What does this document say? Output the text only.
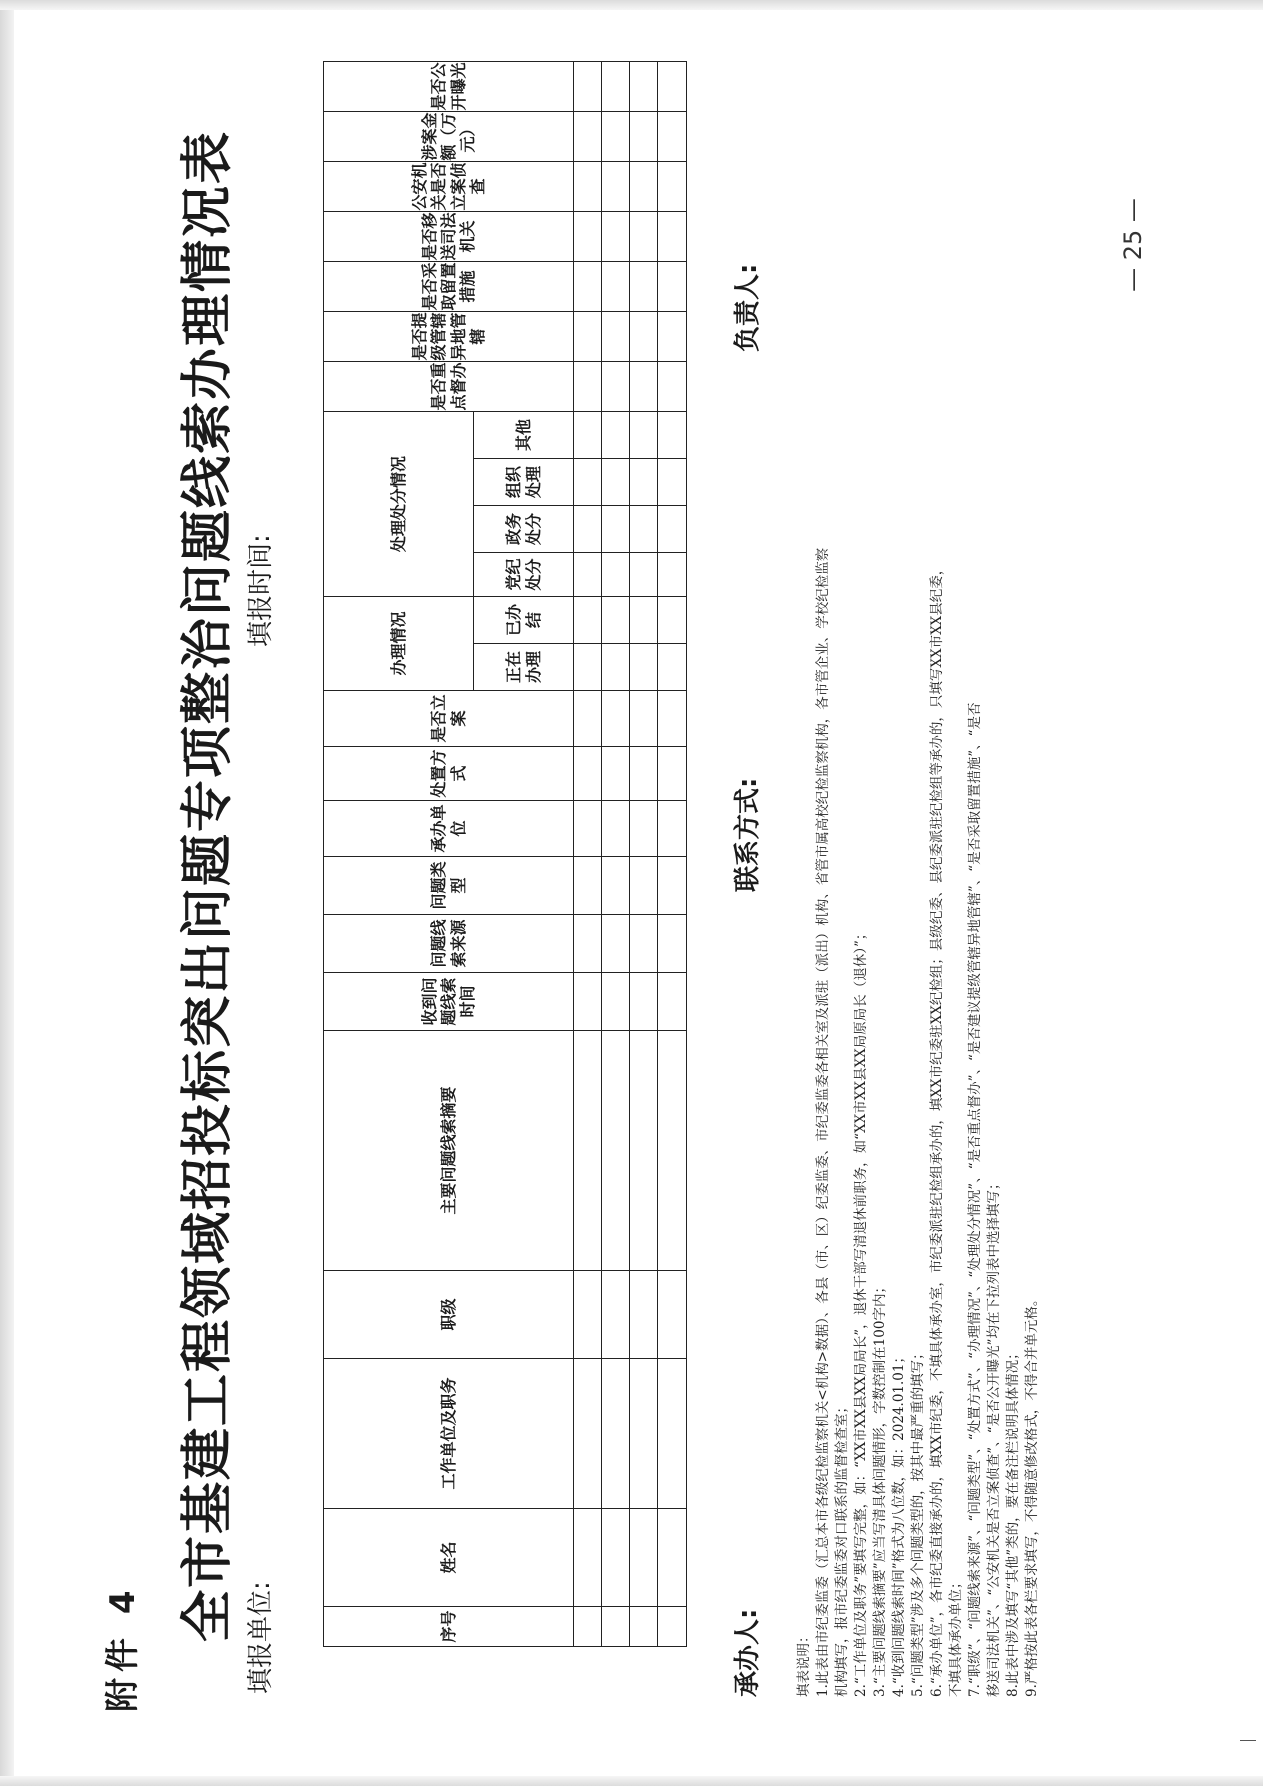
— 25 —
附件 4
全市基建工程领域招投标突出问题专项整治问题线索办理情况表 填报单位:
填报时间:
序号	姓名	工作单位及职务	职级	主要问题线索摘要	收到问题线索时间	问题线索来源	问题类型	承办单位	处置方式	是否立案	办理情况		处理处分情况				是否重点督办	是否提级管辖异地管辖	是否采取留置措施	是否移送司法机关	公安机关是否立案侦查	涉案金额（万元）	是否公开曝光	
											正在办理	已办结	党纪处分	政务处分	组织处理	其他								

承办人:
联系方式:
负责人:
填表说明： 1.此表由市纪委监委（汇总本市各级纪检监察机关<机构>数据）、各县（市、区）纪委监委、市纪委监委各相关室及派驻（派出）机构、省管市属高校纪检监察机构，各市管企业、学校纪检监察 机构填写，报市纪委监委对口联系的监督检查室； 2.“工作单位及职务”要填写完整，如：“XX市XX县XX局局长”，退休干部写清退休前职务，如“XX市XX县XX局原局长（退休）”； 3.“主要问题线索摘要”应当写清具体问题情形，字数控制在100字内； 4.“收到问题线索时间”格式为八位数，如：2024.01.01； 5.“问题类型”涉及多个问题类型的，按其中最严重的填写； 6.“承办单位”，各市纪委直接承办的，填XX市纪委，不填具体承办室，市纪委派驻纪检组承办的，填XX市纪委驻XX纪检组；县级纪委、县纪委派驻纪检组等承办的，只填写XX市XX县纪委， 不填具体承办单位； 7.“职级”、“问题线索来源”、“问题类型”、“处置方式”、“办理情况”、“处理处分情况”、“是否重点督办”、“是否建议提级管辖异地管辖”、“是否采取留置措施”、“是否 移送司法机关”、“公安机关是否立案侦查”、“是否公开曝光”均在下拉列表中选择填写； 8.此表中涉及填写“其他”类的，要在备注栏说明具体情况； 9.严格按此表各栏要求填写，不得随意修改格式，不得合并单元格。
